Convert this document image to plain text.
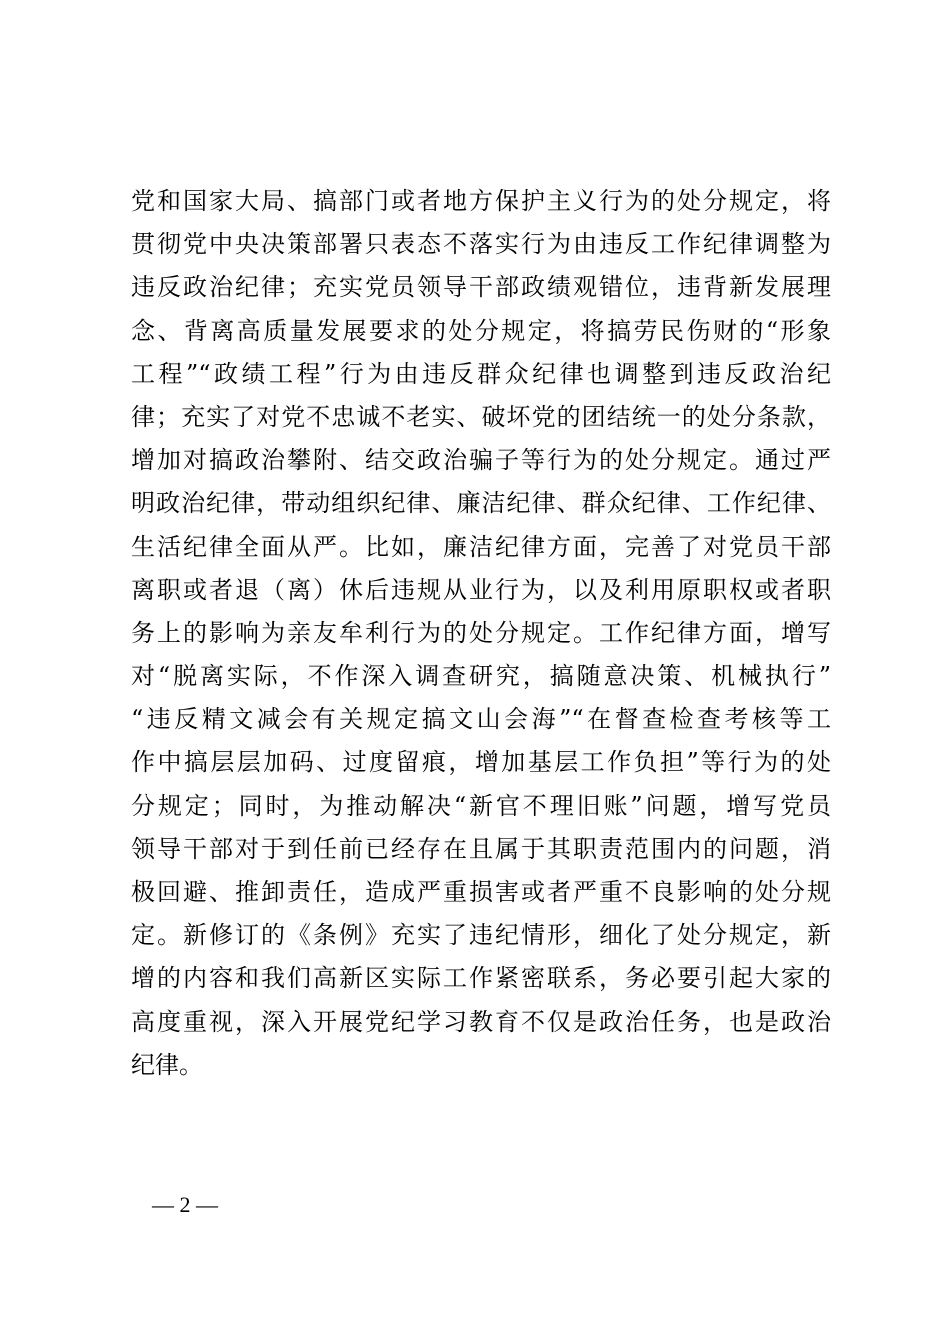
党和国家大局、搞部门或者地方保护主义行为的处分规定，将
贯彻党中央决策部署只表态不落实行为由违反工作纪律调整为
违反政治纪律；充实党员领导干部政绩观错位，违背新发展理
念、背离高质量发展要求的处分规定，将搞劳民伤财的“形象
工程”“政绩工程”行为由违反群众纪律也调整到违反政治纪
律；充实了对党不忠诚不老实、破坏党的团结统一的处分条款，
增加对搞政治攀附、结交政治骗子等行为的处分规定。通过严
明政治纪律，带动组织纪律、廉洁纪律、群众纪律、工作纪律、
生活纪律全面从严。比如，廉洁纪律方面，完善了对党员干部
离职或者退（离）休后违规从业行为，以及利用原职权或者职
务上的影响为亲友牟利行为的处分规定。工作纪律方面，增写
对“脱离实际，不作深入调查研究，搞随意决策、机械执行”
“违反精文减会有关规定搞文山会海”“在督查检查考核等工
作中搞层层加码、过度留痕，增加基层工作负担”等行为的处
分规定；同时，为推动解决“新官不理旧账”问题，增写党员
领导干部对于到任前已经存在且属于其职责范围内的问题，消
极回避、推卸责任，造成严重损害或者严重不良影响的处分规
定。新修订的《条例》充实了违纪情形，细化了处分规定，新
增的内容和我们高新区实际工作紧密联系，务必要引起大家的
高度重视，深入开展党纪学习教育不仅是政治任务，也是政治
纪律。
— 2 —
